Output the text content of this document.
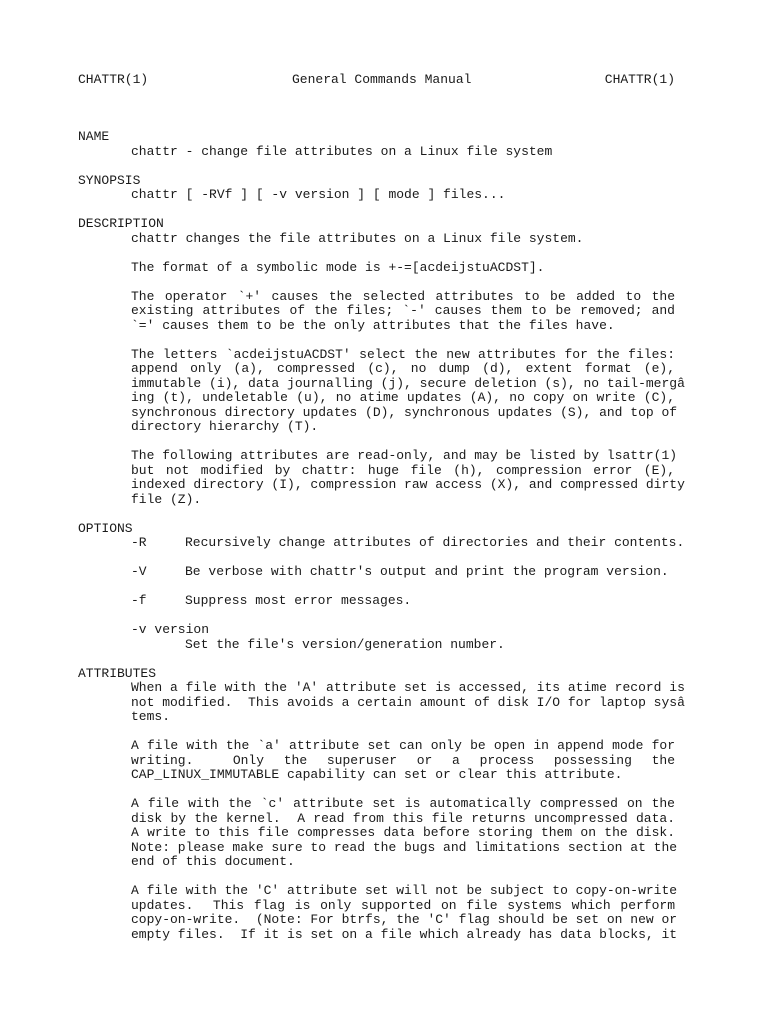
CHATTR(1)	General Commands Manual	CHATTR(1)
NAME
chattr - change file attributes on a Linux file system
SYNOPSIS
chattr [ -RVf ] [ -v version ] [ mode ] files...
DESCRIPTION
chattr changes the file attributes on a Linux file system.
The format of a symbolic mode is +-=[acdeijstuACDST].
The operator `+' causes the selected attributes to be added to the
existing attributes of the files; `-' causes them to be removed; and
`=' causes them to be the only attributes that the files have.
The letters `acdeijstuACDST' select the new attributes for the files:
append only (a), compressed (c), no dump (d), extent format (e),
immutable (i), data journalling (j), secure deletion (s), no tail-mergâ
ing (t), undeletable (u), no atime updates (A), no copy on write (C),
synchronous directory updates (D), synchronous updates (S), and top of
directory hierarchy (T).
The following attributes are read-only, and may be listed by lsattr(1)
but not modified by chattr: huge file (h), compression error (E),
indexed directory (I), compression raw access (X), and compressed dirty
file (Z).
OPTIONS
-R	Recursively change attributes of directories and their contents.
-V	Be verbose with chattr's output and print the program version.
-f	Suppress most error messages.
-v version
Set the file's version/generation number.
ATTRIBUTES
When a file with the 'A' attribute set is accessed, its atime record is
not modified.  This avoids a certain amount of disk I/O for laptop sysâ
tems.
A file with the `a' attribute set can only be open in append mode for
writing.  Only the superuser or a process possessing the
CAP_LINUX_IMMUTABLE capability can set or clear this attribute.
A file with the `c' attribute set is automatically compressed on the
disk by the kernel.  A read from this file returns uncompressed data.
A write to this file compresses data before storing them on the disk.
Note: please make sure to read the bugs and limitations section at the
end of this document.
A file with the 'C' attribute set will not be subject to copy-on-write
updates.  This flag is only supported on file systems which perform
copy-on-write.  (Note: For btrfs, the 'C' flag should be set on new or
empty files.  If it is set on a file which already has data blocks, it
